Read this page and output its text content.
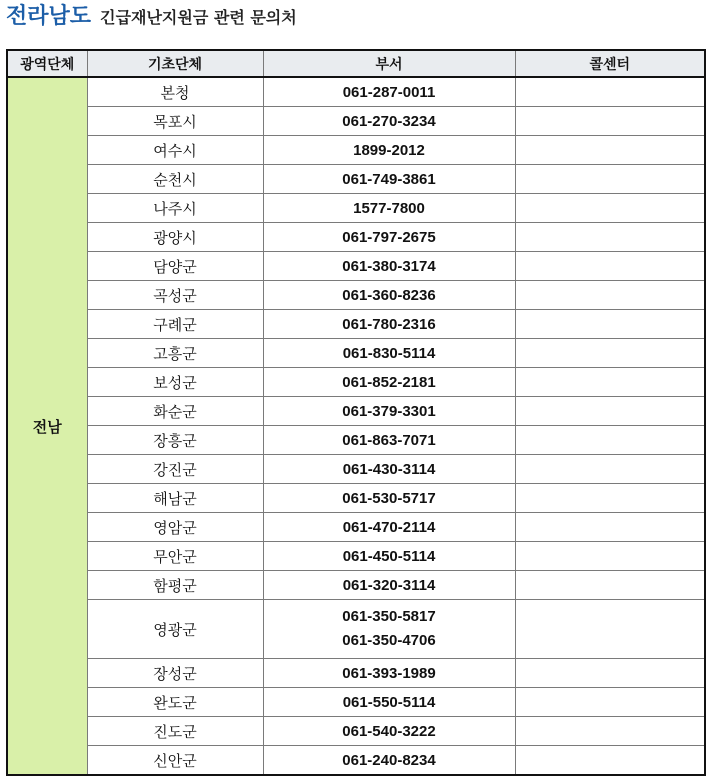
전라남도 긴급재난지원금 관련 문의처
광역단체	기초단체	부서	콜센터
전남	본청	061-287-0011	

	목포시	061-270-3234	

	여수시	1899-2012	

	순천시	061-749-3861	

	나주시	1577-7800	

	광양시	061-797-2675	

	담양군	061-380-3174	

	곡성군	061-360-8236	

	구례군	061-780-2316	

	고흥군	061-830-5114	

	보성군	061-852-2181	

	화순군	061-379-3301	

	장흥군	061-863-7071	

	강진군	061-430-3114	

	해남군	061-530-5717	

	영암군	061-470-2114	

	무안군	061-450-5114	

	함평군	061-320-3114	

	영광군	061-350-5817
061-350-4706	

	장성군	061-393-1989	

	완도군	061-550-5114	

	진도군	061-540-3222	

	신안군	061-240-8234	
